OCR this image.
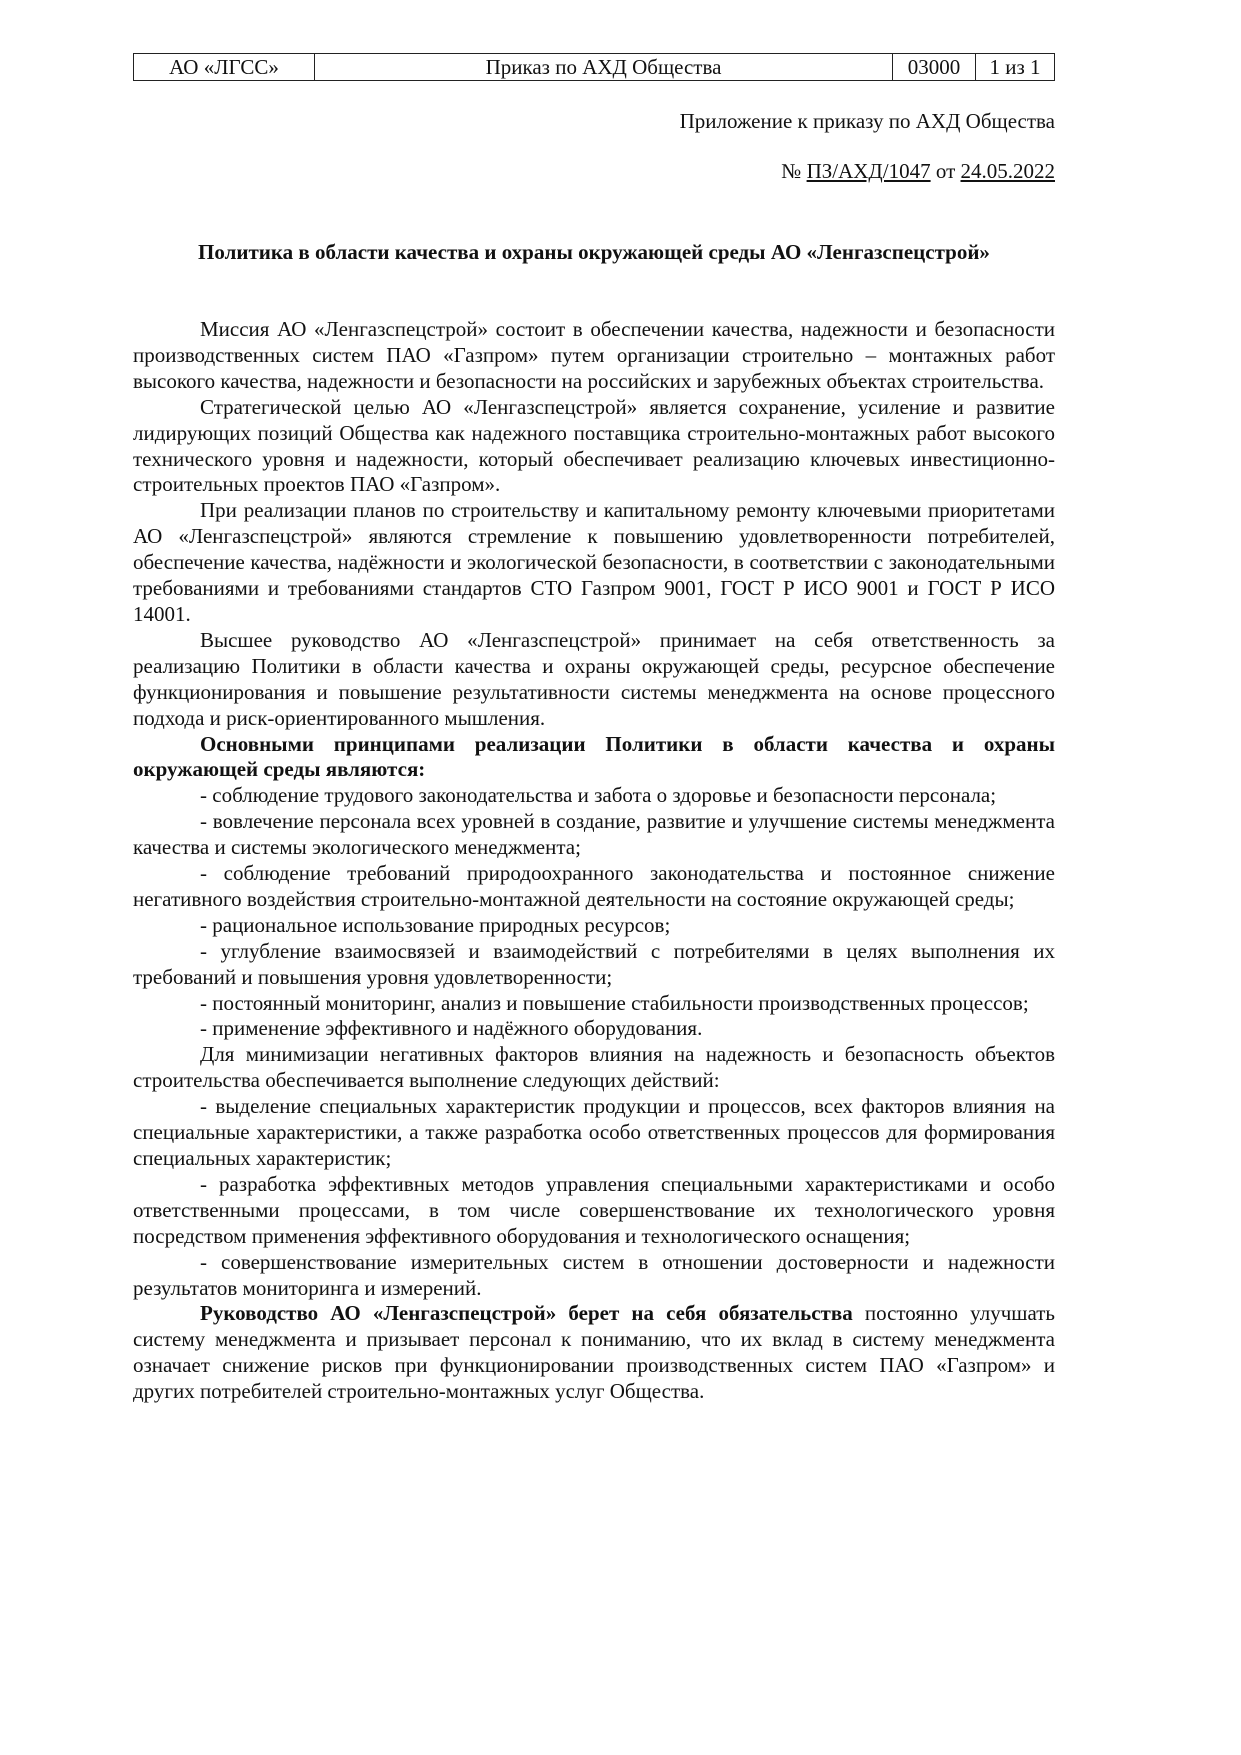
АО «ЛГСС»	Приказ по АХД Общества	03000	1 из 1
Приложение к приказу по АХД Общества
№ ПЗ/АХД/1047 от 24.05.2022
Политика в области качества и охраны окружающей среды АО «Ленгазспецстрой»

Миссия АО «Ленгазспецстрой» состоит в обеспечении качества, надежности и безопасности производственных систем ПАО «Газпром» путем организации строительно – монтажных работ высокого качества, надежности и безопасности на российских и зарубежных объектах строительства.

Стратегической целью АО «Ленгазспецстрой» является сохранение, усиление и развитие лидирующих позиций Общества как надежного поставщика строительно-монтажных работ высокого технического уровня и надежности, который обеспечивает реализацию ключевых инвестиционно-строительных проектов ПАО «Газпром».

При реализации планов по строительству и капитальному ремонту ключевыми приоритетами АО «Ленгазспецстрой» являются стремление к повышению удовлетворенности потребителей, обеспечение качества, надёжности и экологической безопасности, в соответствии с законодательными требованиями и требованиями стандартов СТО Газпром 9001, ГОСТ Р ИСО 9001 и ГОСТ Р ИСО 14001.

Высшее руководство АО «Ленгазспецстрой» принимает на себя ответственность за реализацию Политики в области качества и охраны окружающей среды, ресурсное обеспечение функционирования и повышение результативности системы менеджмента на основе процессного подхода и риск-ориентированного мышления.

Основными принципами реализации Политики в области качества и охраны окружающей среды являются:

- соблюдение трудового законодательства и забота о здоровье и безопасности персонала;

- вовлечение персонала всех уровней в создание, развитие и улучшение системы менеджмента качества и системы экологического менеджмента;

- соблюдение требований природоохранного законодательства и постоянное снижение негативного воздействия строительно-монтажной деятельности на состояние окружающей среды;

- рациональное использование природных ресурсов;

- углубление взаимосвязей и взаимодействий с потребителями в целях выполнения их требований и повышения уровня удовлетворенности;

- постоянный мониторинг, анализ и повышение стабильности производственных процессов;

- применение эффективного и надёжного оборудования.

Для минимизации негативных факторов влияния на надежность и безопасность объектов строительства обеспечивается выполнение следующих действий:

- выделение специальных характеристик продукции и процессов, всех факторов влияния на специальные характеристики, а также разработка особо ответственных процессов для формирования специальных характеристик;

- разработка эффективных методов управления специальными характеристиками и особо ответственными процессами, в том числе совершенствование их технологического уровня посредством применения эффективного оборудования и технологического оснащения;

- совершенствование измерительных систем в отношении достоверности и надежности результатов мониторинга и измерений.

Руководство АО «Ленгазспецстрой» берет на себя обязательства постоянно улучшать систему менеджмента и призывает персонал к пониманию, что их вклад в систему менеджмента означает снижение рисков при функционировании производственных систем ПАО «Газпром» и других потребителей строительно-монтажных услуг Общества.
